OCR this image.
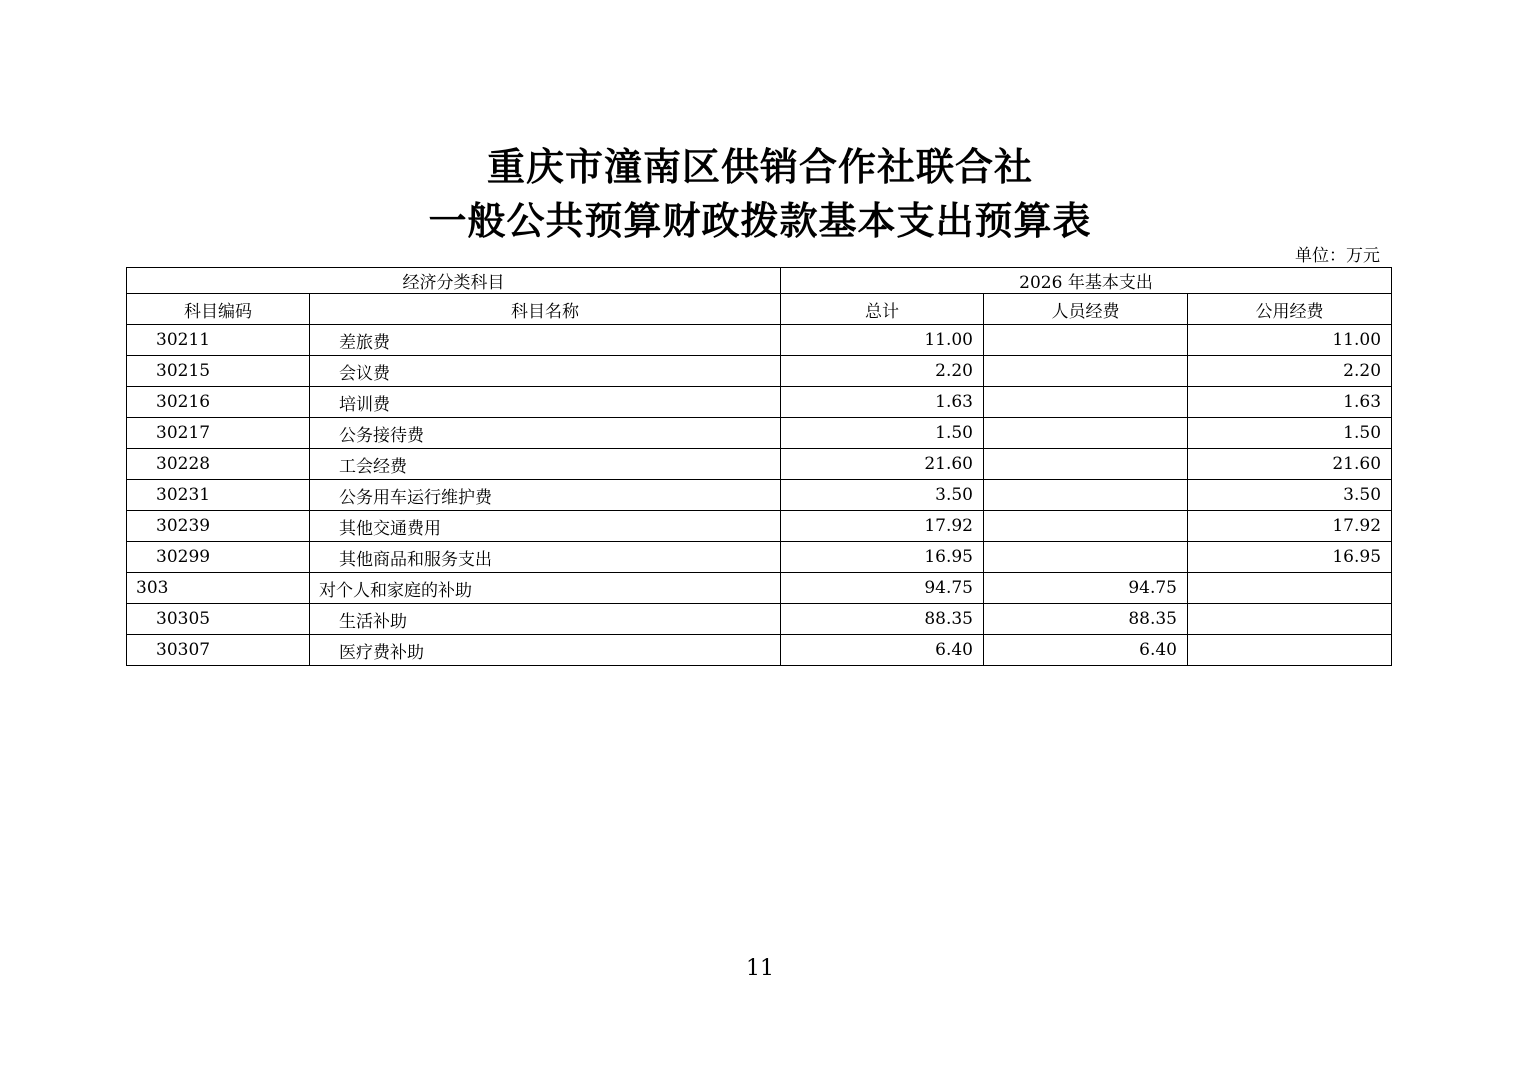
重庆市潼南区供销合作社联合社
一般公共预算财政拨款基本支出预算表
单位：万元
经济分类科目		2026 年基本支出		
科目编码	科目名称	总计	人员经费	公用经费
30211	差旅费	11.00		11.00
30215	会议费	2.20		2.20
30216	培训费	1.63		1.63
30217	公务接待费	1.50		1.50
30228	工会经费	21.60		21.60
30231	公务用车运行维护费	3.50		3.50
30239	其他交通费用	17.92		17.92
30299	其他商品和服务支出	16.95		16.95
303	对个人和家庭的补助	94.75	94.75	
30305	生活补助	88.35	88.35	
30307	医疗费补助	6.40	6.40	
11
